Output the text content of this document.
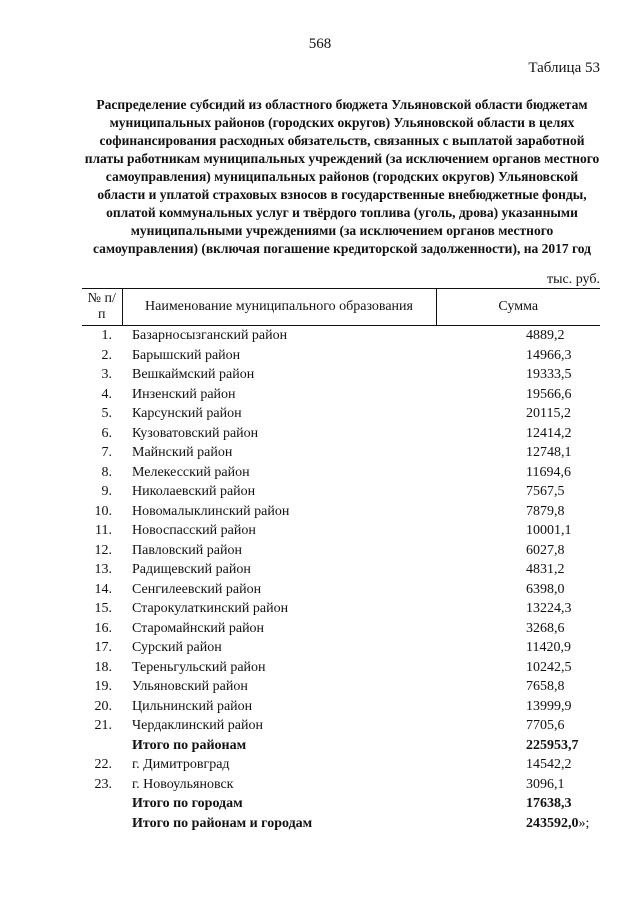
568
Таблица 53
Распределение субсидий из областного бюджета Ульяновской области бюджетам муниципальных районов (городских округов) Ульяновской области в целях софинансирования расходных обязательств, связанных с выплатой заработной платы работникам муниципальных учреждений (за исключением органов местного самоуправления) муниципальных районов (городских округов) Ульяновской области и уплатой страховых взносов в государственные внебюджетные фонды, оплатой коммунальных услуг и твёрдого топлива (уголь, дрова) указанными муниципальными учреждениями (за исключением органов местного самоуправления) (включая погашение кредиторской задолженности), на 2017 год
тыс. руб.
№ п/п	Наименование муниципального образования	Сумма
1.	Базарносызганский район	4889,2
2.	Барышский район	14966,3
3.	Вешкаймский район	19333,5
4.	Инзенский район	19566,6
5.	Карсунский район	20115,2
6.	Кузоватовский район	12414,2
7.	Майнский район	12748,1
8.	Мелекесский район	11694,6
9.	Николаевский район	7567,5
10.	Новомалыклинский район	7879,8
11.	Новоспасский район	10001,1
12.	Павловский район	6027,8
13.	Радищевский район	4831,2
14.	Сенгилеевский район	6398,0
15.	Старокулаткинский район	13224,3
16.	Старомайнский район	3268,6
17.	Сурский район	11420,9
18.	Тереньгульский район	10242,5
19.	Ульяновский район	7658,8
20.	Цильнинский район	13999,9
21.	Чердаклинский район	7705,6
	Итого по районам	225953,7
22.	г. Димитровград	14542,2
23.	г. Новоульяновск	3096,1
	Итого по городам	17638,3
	Итого по районам и городам	243592,0»;
